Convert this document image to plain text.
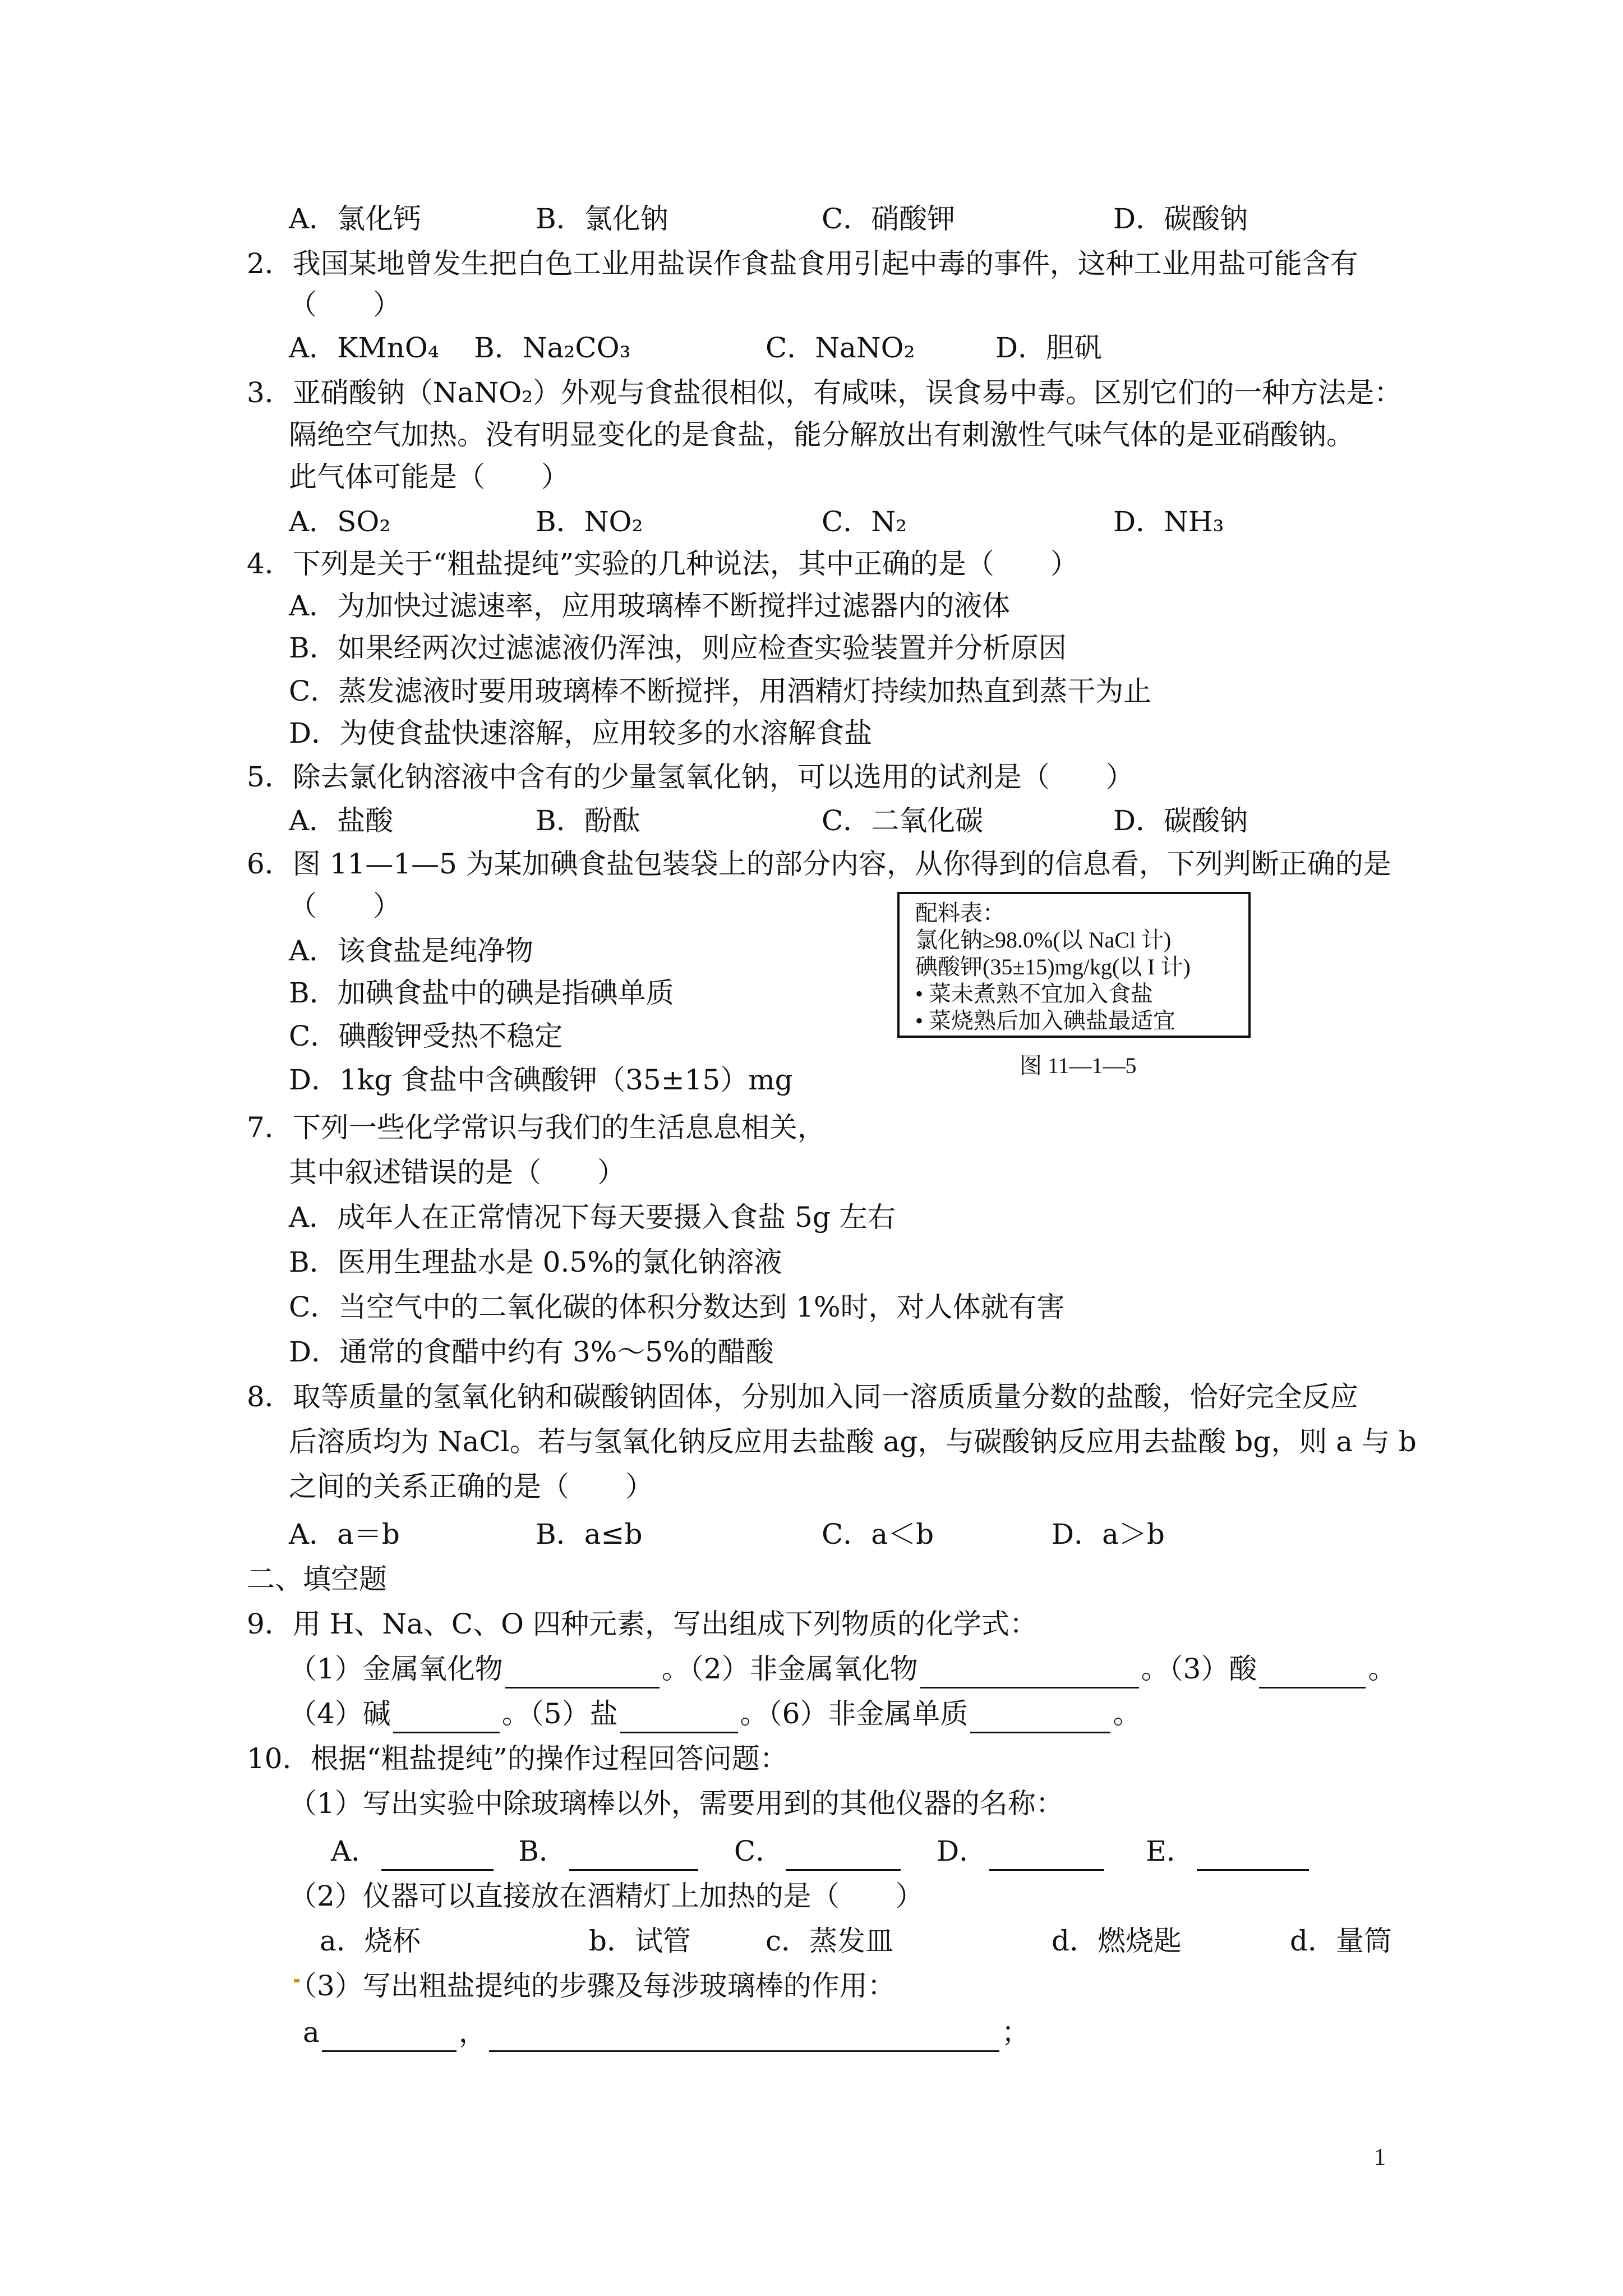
A．氯化钙	B．氯化钠	C．硝酸钾	D．碳酸钠
2．我国某地曾发生把白色工业用盐误作食盐食用引起中毒的事件，这种工业用盐可能含有
（　　）
A．KMnO₄ B．Na₂CO₃	C．NaNO₂	D．胆矾
3．亚硝酸钠（NaNO₂）外观与食盐很相似，有咸味，误食易中毒。区别它们的一种方法是：
隔绝空气加热。没有明显变化的是食盐，能分解放出有刺激性气味气体的是亚硝酸钠。
此气体可能是（　　）
A．SO₂	B．NO₂	C．N₂	D．NH₃
4．下列是关于“粗盐提纯”实验的几种说法，其中正确的是（　　）
A．为加快过滤速率，应用玻璃棒不断搅拌过滤器内的液体
B．如果经两次过滤滤液仍浑浊，则应检查实验装置并分析原因
C．蒸发滤液时要用玻璃棒不断搅拌，用酒精灯持续加热直到蒸干为止
D．为使食盐快速溶解，应用较多的水溶解食盐
5．除去氯化钠溶液中含有的少量氢氧化钠，可以选用的试剂是（　　）
A．盐酸	B．酚酞	C．二氧化碳	D．碳酸钠
6．图 11—1—5 为某加碘食盐包装袋上的部分内容，从你得到的信息看，下列判断正确的是
（　　）
A．该食盐是纯净物
B．加碘食盐中的碘是指碘单质
C．碘酸钾受热不稳定
D．1kg 食盐中含碘酸钾（35±15）mg
配料表：
氯化钠≥98.0%(以 NaCl 计)
碘酸钾(35±15)mg/kg(以 I 计)
• 菜未煮熟不宜加入食盐
• 菜烧熟后加入碘盐最适宜
图 11—1—5
7．下列一些化学常识与我们的生活息息相关，
其中叙述错误的是（　　）
A．成年人在正常情况下每天要摄入食盐 5g 左右
B．医用生理盐水是 0.5%的氯化钠溶液
C．当空气中的二氧化碳的体积分数达到 1%时，对人体就有害
D．通常的食醋中约有 3%～5%的醋酸
8．取等质量的氢氧化钠和碳酸钠固体，分别加入同一溶质质量分数的盐酸，恰好完全反应
后溶质均为 NaCl。若与氢氧化钠反应用去盐酸 ag，与碳酸钠反应用去盐酸 bg，则 a 与 b
之间的关系正确的是（　　）
A．a＝b	B．a≤b	C．a＜b	D．a＞b
二、填空题
9．用 H、Na、C、O 四种元素，写出组成下列物质的化学式：
（1）金属氧化物	。（2）非金属氧化物	。（3）酸	。
（4）碱	。（5）盐	。（6）非金属单质	。
10．根据“粗盐提纯”的操作过程回答问题：
（1）写出实验中除玻璃棒以外，需要用到的其他仪器的名称：
A．	B．	C．	D．	E．
（2）仪器可以直接放在酒精灯上加热的是（　　）
a．烧杯	b．试管	c．蒸发皿	d．燃烧匙	d．量筒
（3）写出粗盐提纯的步骤及每涉玻璃棒的作用：
a	，	；
1
